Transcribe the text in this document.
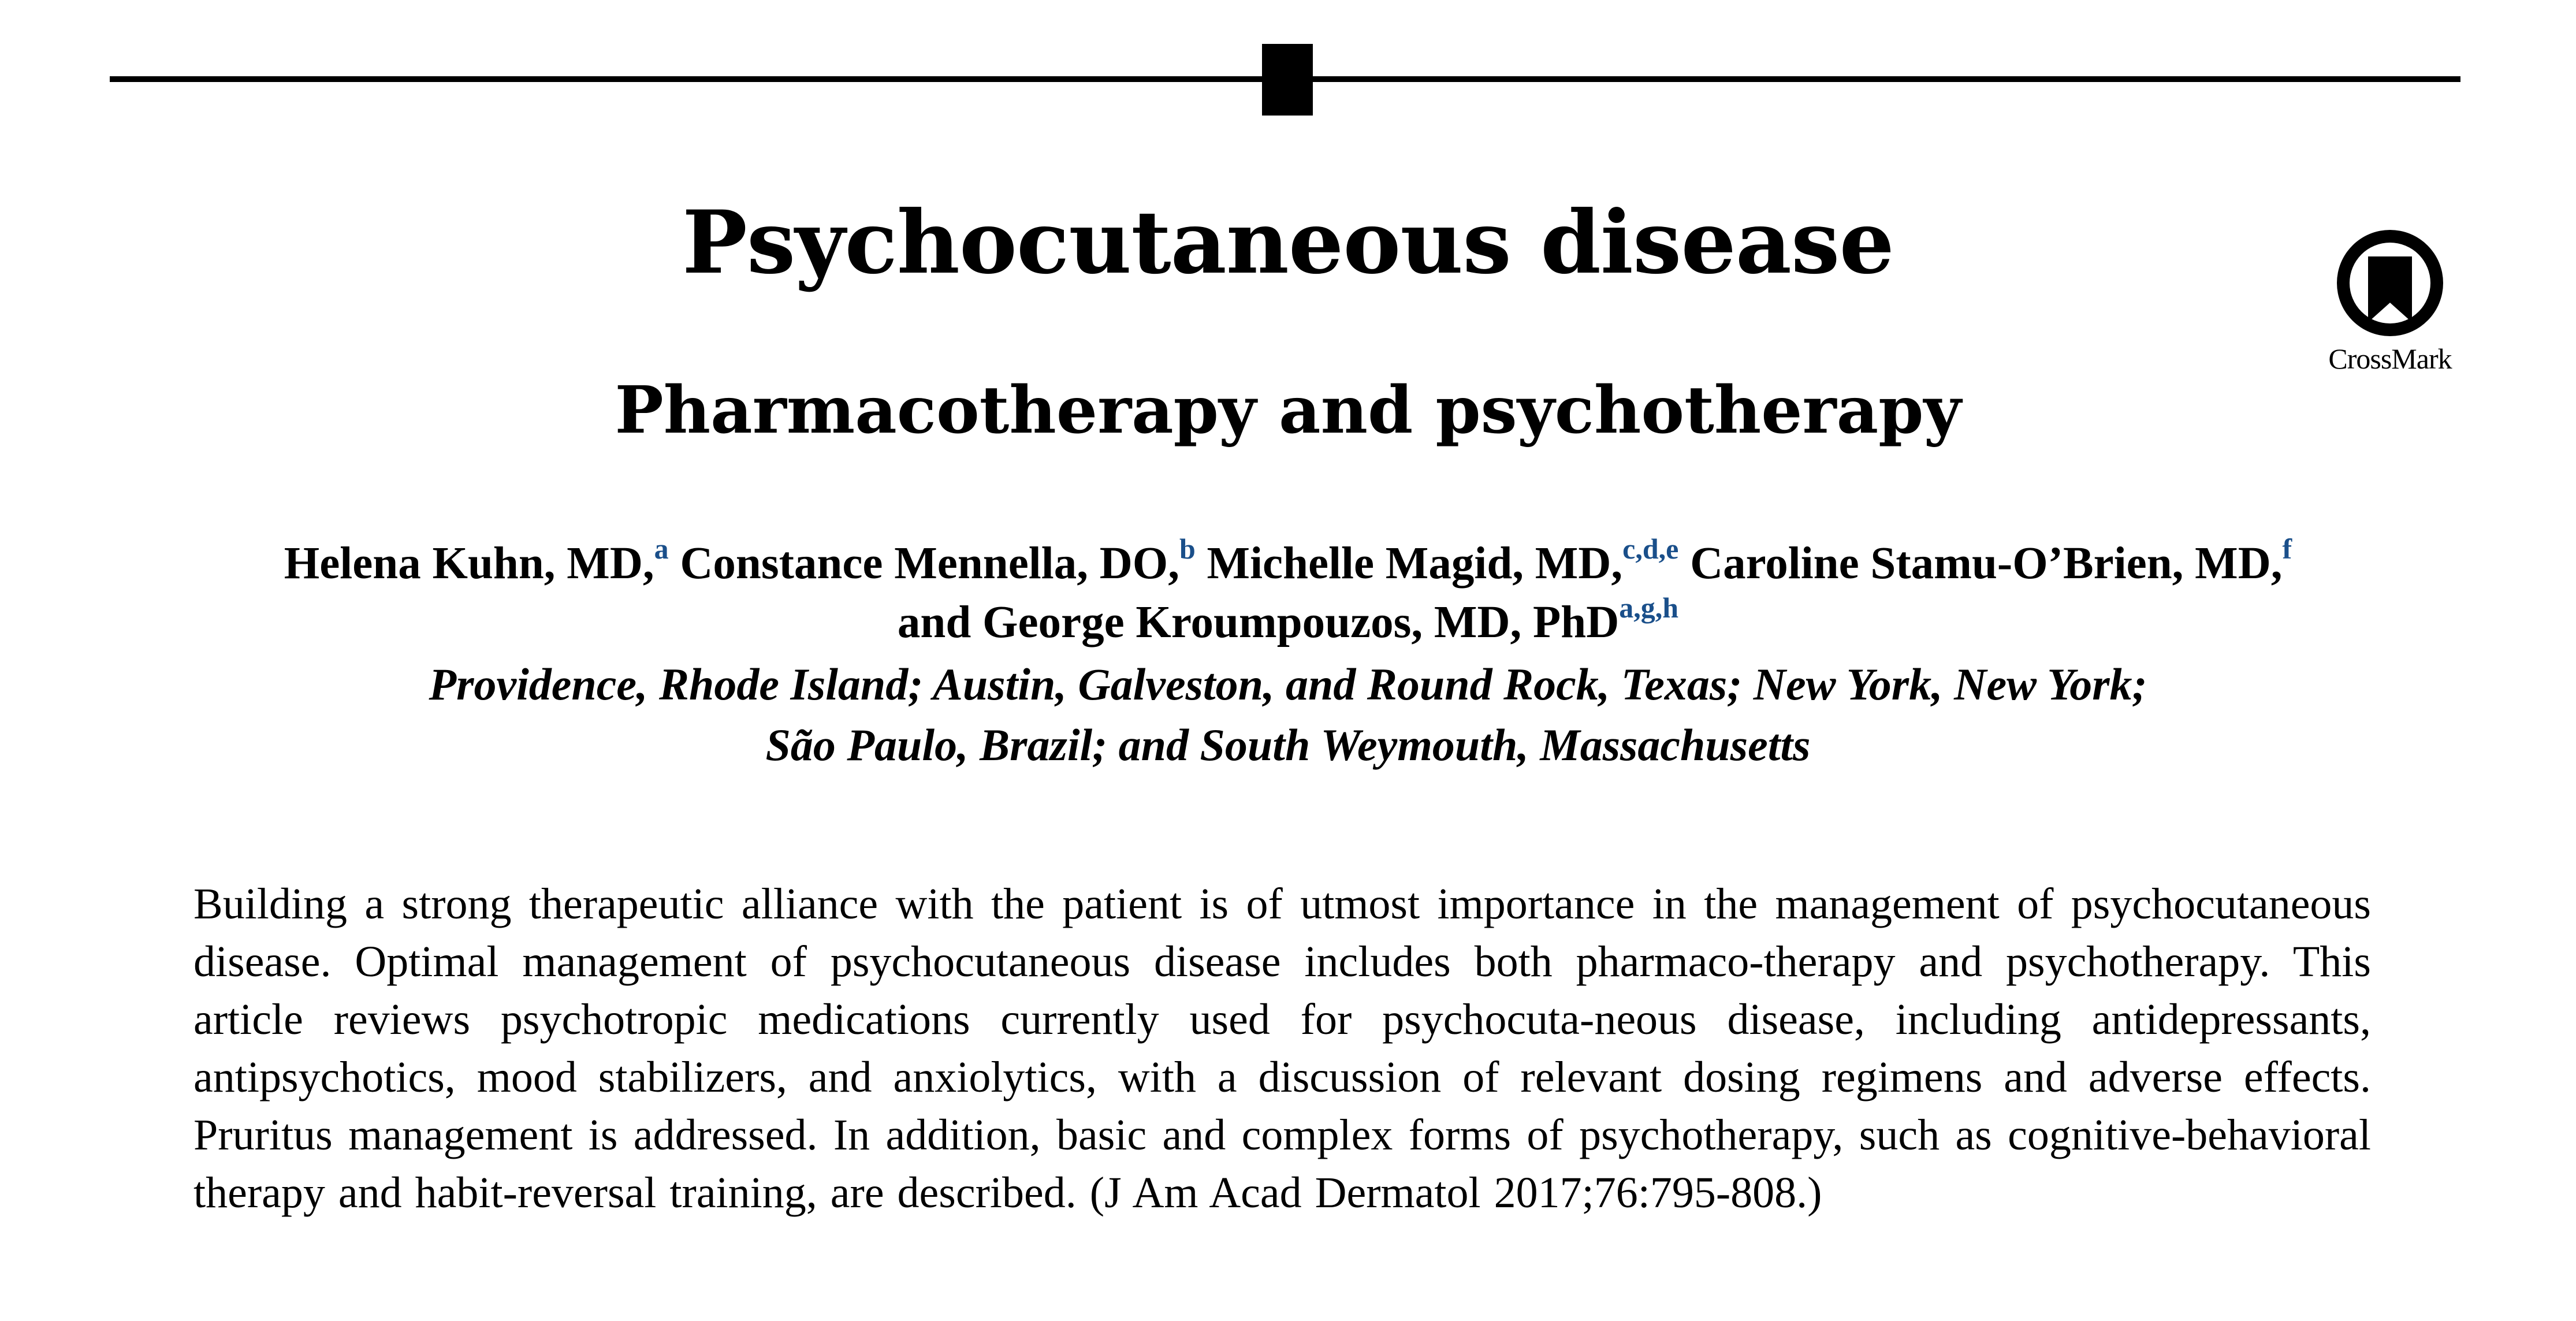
Psychocutaneous disease
CrossMark
Pharmacotherapy and psychotherapy
Helena Kuhn, MD,$^a$ Constance Mennella, DO,$^b$ Michelle Magid, MD,$^{c,d,e}$ Caroline Stamu-O’Brien, MD,$^f$
and George Kroumpouzos, MD, PhD$^{a,g,h}$
Providence, Rhode Island; Austin, Galveston, and Round Rock, Texas; New York, New York;
São Paulo, Brazil; and South Weymouth, Massachusetts

Building a strong therapeutic alliance with the patient is of utmost importance in the management of psychocutaneous disease. Optimal management of psychocutaneous disease includes both pharmaco-therapy and psychotherapy. This article reviews psychotropic medications currently used for psychocuta-neous disease, including antidepressants, antipsychotics, mood stabilizers, and anxiolytics, with a discussion of relevant dosing regimens and adverse effects. Pruritus management is addressed. In addition, basic and complex forms of psychotherapy, such as cognitive-behavioral therapy and habit-reversal training, are described. (J Am Acad Dermatol 2017;76:795-808.)
